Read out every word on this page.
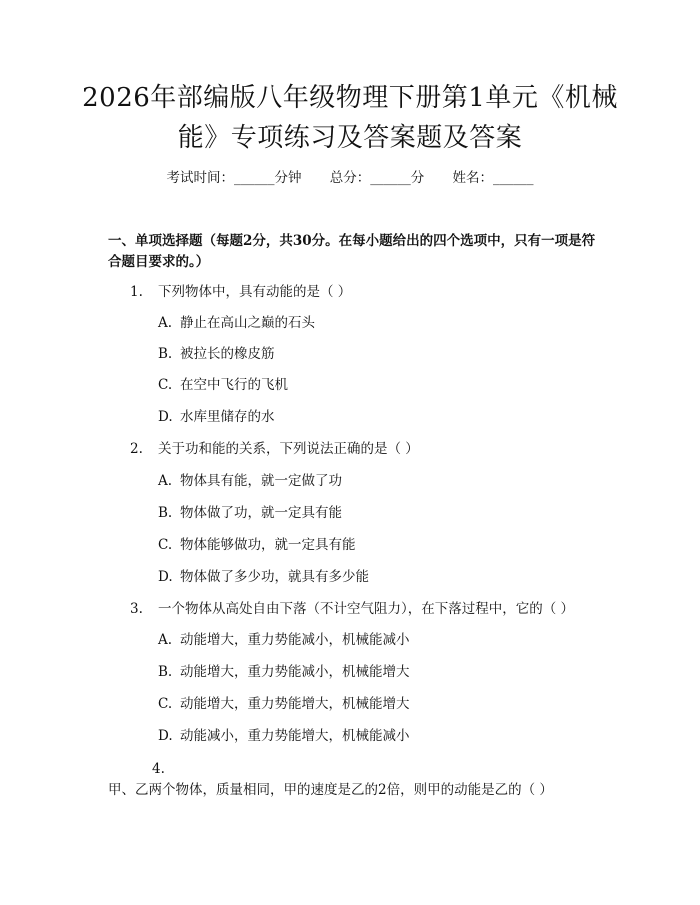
2026年部编版八年级物理下册第1单元《机械能》专项练习及答案题及答案
考试时间：______分钟 总分：______分 姓名：______
一、单项选择题（每题2分，共30分。在每小题给出的四个选项中，只有一项是符合题目要求的。）
1. 下列物体中，具有动能的是（ ）
A. 静止在高山之巅的石头
B. 被拉长的橡皮筋
C. 在空中飞行的飞机
D. 水库里储存的水
2. 关于功和能的关系，下列说法正确的是（ ）
A. 物体具有能，就一定做了功
B. 物体做了功，就一定具有能
C. 物体能够做功，就一定具有能
D. 物体做了多少功，就具有多少能
3. 一个物体从高处自由下落（不计空气阻力），在下落过程中，它的（ ）
A. 动能增大，重力势能减小，机械能减小
B. 动能增大，重力势能减小，机械能增大
C. 动能增大，重力势能增大，机械能增大
D. 动能减小，重力势能增大，机械能减小
4.甲、乙两个物体，质量相同，甲的速度是乙的2倍，则甲的动能是乙的（ ）
